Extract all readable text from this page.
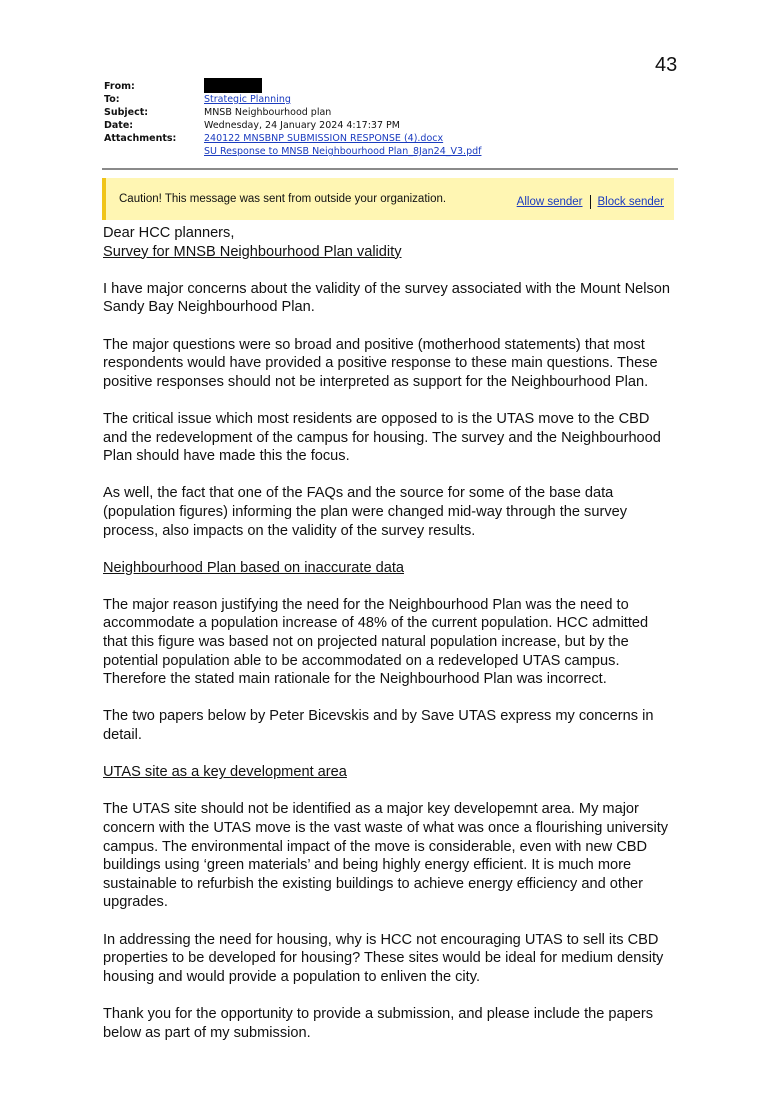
43
From:
To:	Strategic Planning
Subject:	MNSB Neighbourhood plan
Date:	Wednesday, 24 January 2024 4:17:37 PM
Attachments:	240122 MNSBNP SUBMISSION RESPONSE (4).docx
SU Response to MNSB Neighbourhood Plan_8Jan24_V3.pdf
Caution! This message was sent from outside your organization.	Allow sender Block sender

Dear HCC planners,

Survey for MNSB Neighbourhood Plan validity

I have major concerns about the validity of the survey associated with the Mount Nelson Sandy Bay Neighbourhood Plan.

The major questions were so broad and positive (motherhood statements) that most respondents would have provided a positive response to these main questions. These positive responses should not be interpreted as support for the Neighbourhood Plan.

The critical issue which most residents are opposed to is the UTAS move to the CBD and the redevelopment of the campus for housing. The survey and the Neighbourhood Plan should have made this the focus.

As well, the fact that one of the FAQs and the source for some of the base data (population figures) informing the plan were changed mid-way through the survey process, also impacts on the validity of the survey results.

Neighbourhood Plan based on inaccurate data

The major reason justifying the need for the Neighbourhood Plan was the need to accommodate a population increase of 48% of the current population. HCC admitted that this figure was based not on projected natural population increase, but by the potential population able to be accommodated on a redeveloped UTAS campus. Therefore the stated main rationale for the Neighbourhood Plan was incorrect.

The two papers below by Peter Bicevskis and by Save UTAS express my concerns in detail.

UTAS site as a key development area

The UTAS site should not be identified as a major key developemnt area. My major concern with the UTAS move is the vast waste of what was once a flourishing university campus. The environmental impact of the move is considerable, even with new CBD buildings using ‘green materials’ and being highly energy efficient. It is much more sustainable to refurbish the existing buildings to achieve energy efficiency and other upgrades.

In addressing the need for housing, why is HCC not encouraging UTAS to sell its CBD properties to be developed for housing? These sites would be ideal for medium density housing and would provide a population to enliven the city.

Thank you for the opportunity to provide a submission, and please include the papers below as part of my submission.
